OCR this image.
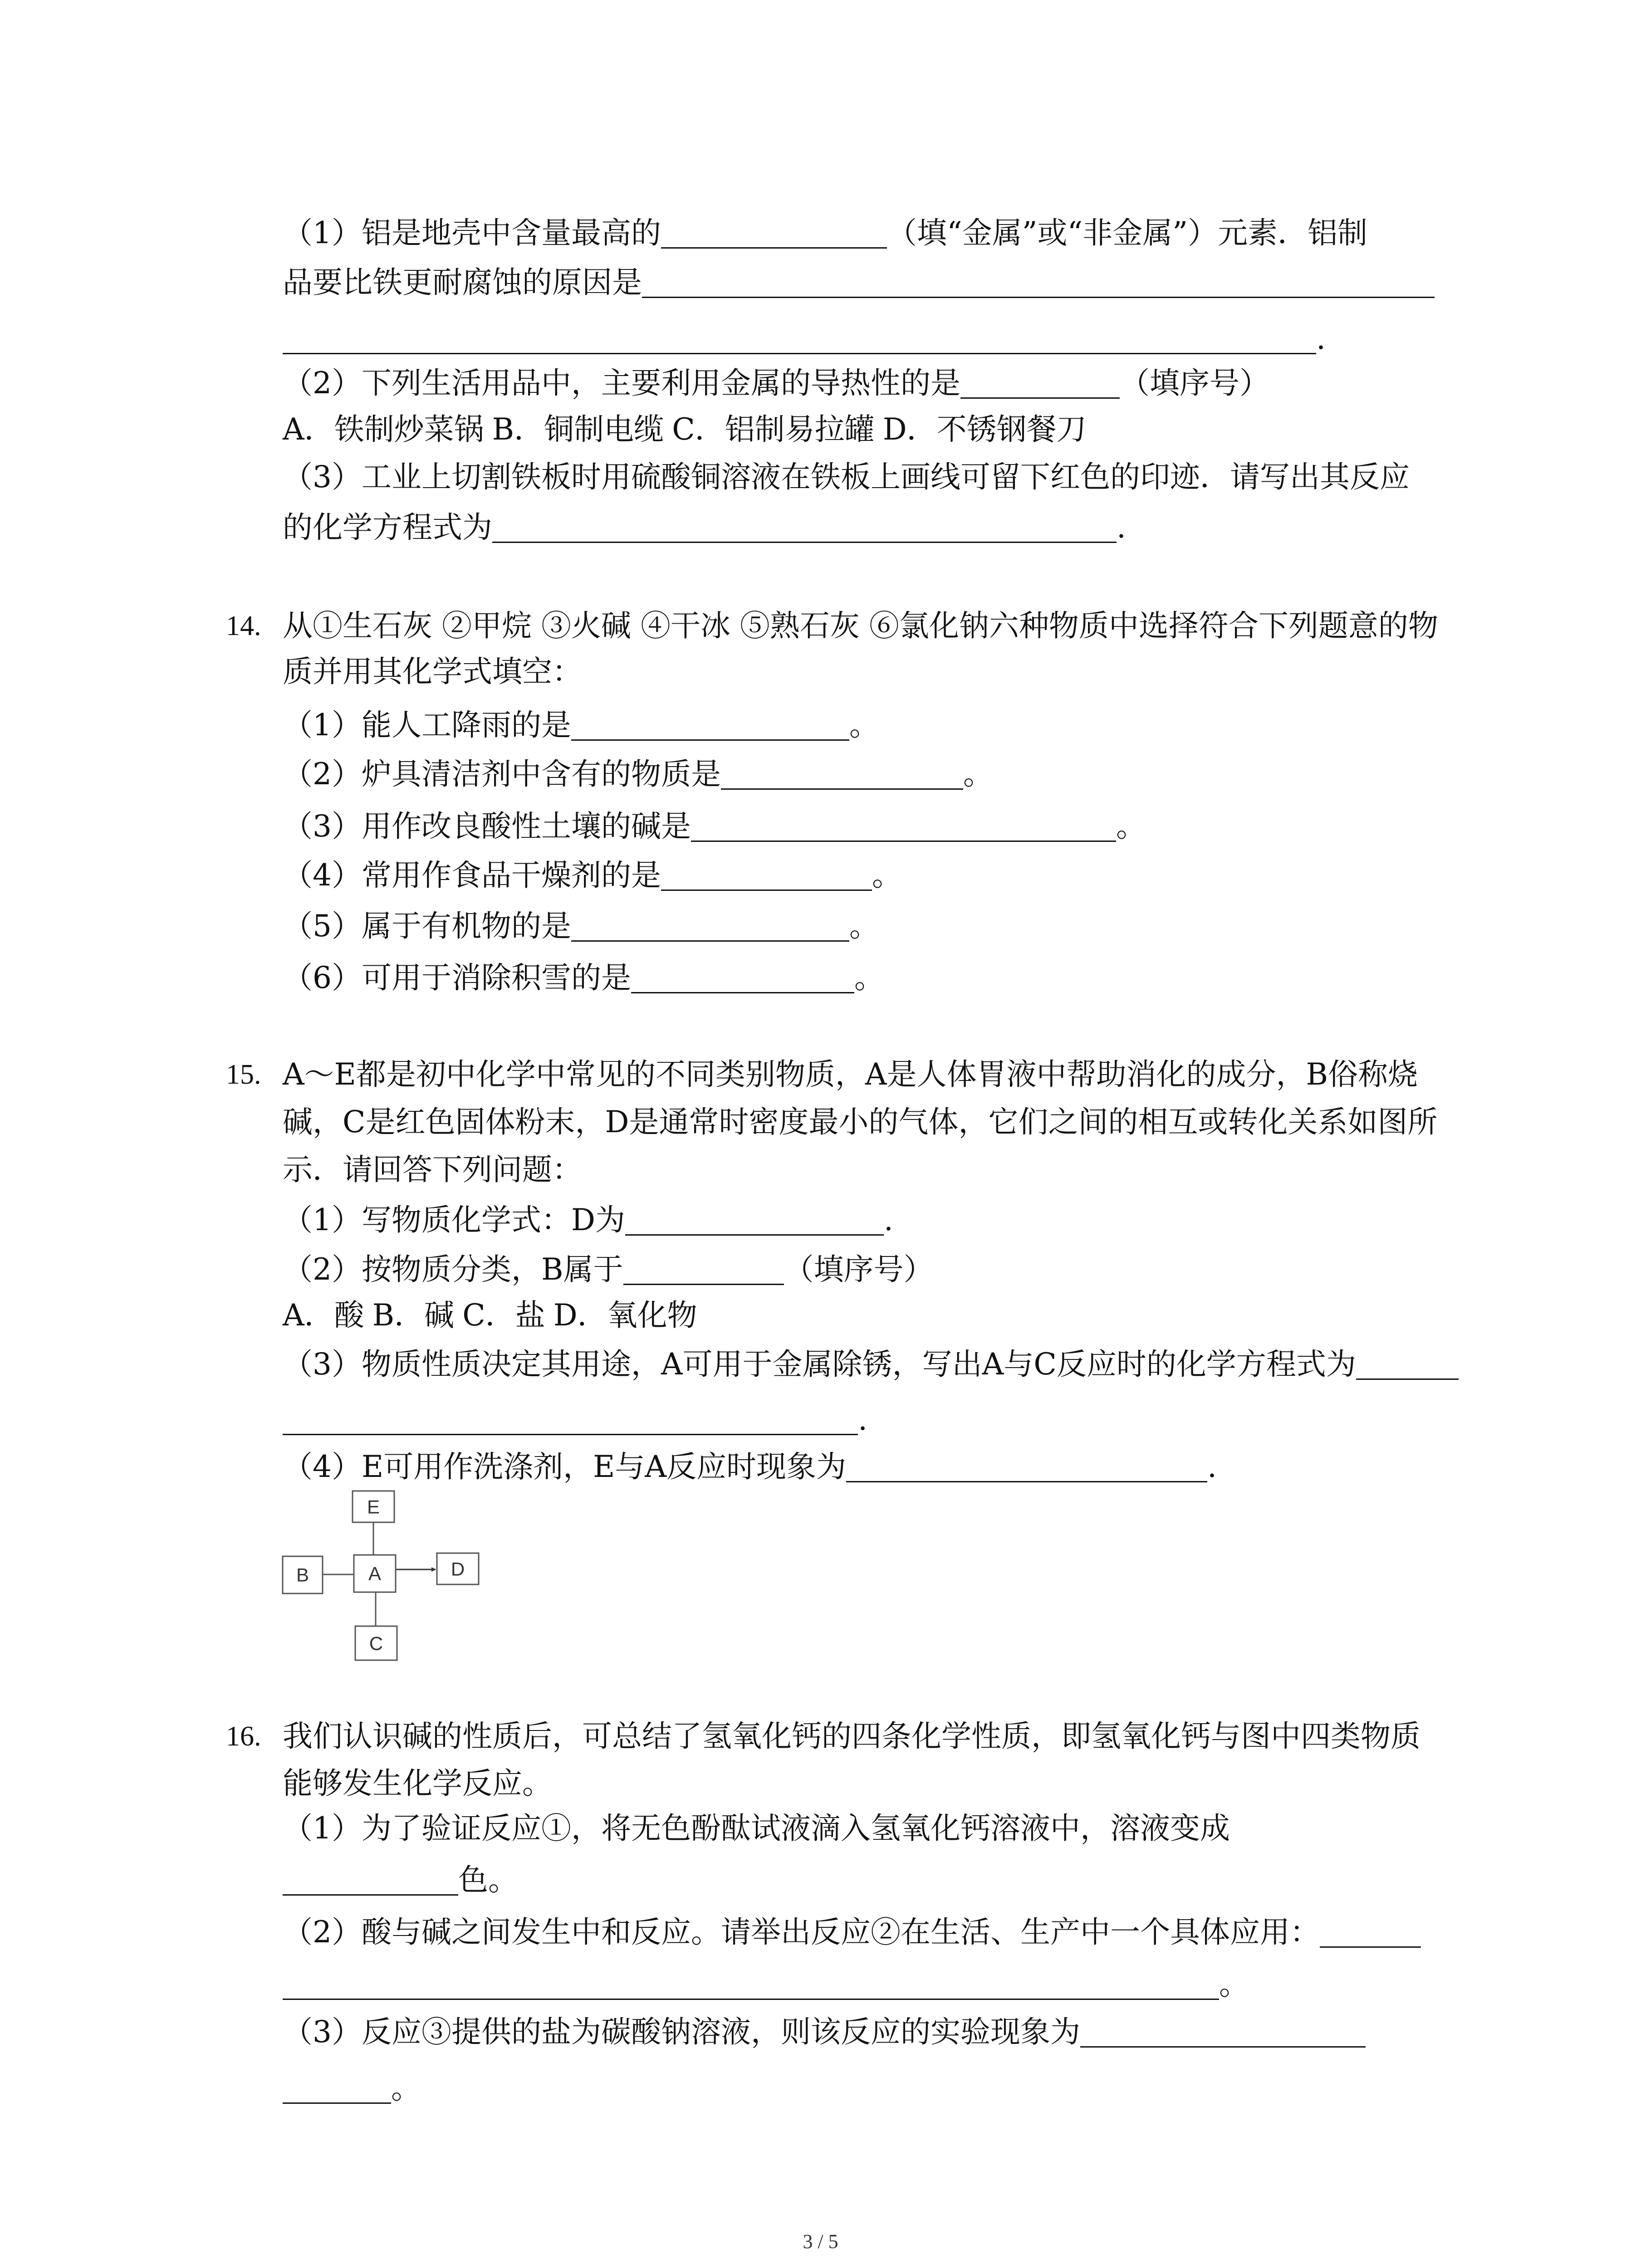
（1）铝是地壳中含量最高的	（填“金属”或“非金属”）元素．铝制
品要比铁更耐腐蚀的原因是
.
（2）下列生活用品中，主要利用金属的导热性的是	（填序号）
A．铁制炒菜锅 B．铜制电缆 C．铝制易拉罐 D．不锈钢餐刀
（3）工业上切割铁板时用硫酸铜溶液在铁板上画线可留下红色的印迹．请写出其反应
的化学方程式为	.
14. 从①生石灰 ②甲烷 ③火碱 ④干冰 ⑤熟石灰 ⑥氯化钠六种物质中选择符合下列题意的物
质并用其化学式填空：
（1）能人工降雨的是	。
（2）炉具清洁剂中含有的物质是	。
（3）用作改良酸性土壤的碱是	。
（4）常用作食品干燥剂的是	。
（5）属于有机物的是	。
（6）可用于消除积雪的是	。
15. A～E都是初中化学中常见的不同类别物质，A是人体胃液中帮助消化的成分，B俗称烧
碱，C是红色固体粉末，D是通常时密度最小的气体，它们之间的相互或转化关系如图所
示．请回答下列问题：
（1）写物质化学式：D为	.
（2）按物质分类，B属于	（填序号）
A．酸 B．碱 C．盐 D．氧化物
（3）物质性质决定其用途，A可用于金属除锈，写出A与C反应时的化学方程式为
.
（4）E可用作洗涤剂，E与A反应时现象为	.
E
A
B	D
C
16. 我们认识碱的性质后，可总结了氢氧化钙的四条化学性质，即氢氧化钙与图中四类物质
能够发生化学反应。
（1）为了验证反应①，将无色酚酞试液滴入氢氧化钙溶液中，溶液变成
色。
（2）酸与碱之间发生中和反应。请举出反应②在生活、生产中一个具体应用：
。
（3）反应③提供的盐为碳酸钠溶液，则该反应的实验现象为
。
3 / 5
